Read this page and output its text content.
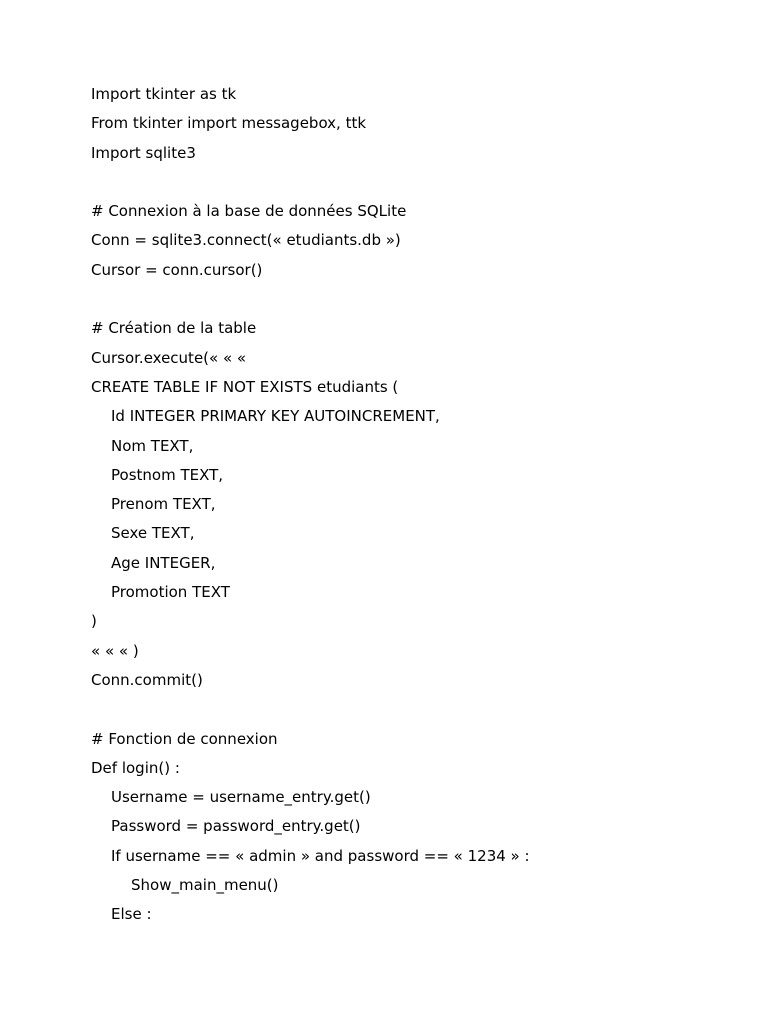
Import tkinter as tk
From tkinter import messagebox, ttk
Import sqlite3
# Connexion à la base de données SQLite
Conn = sqlite3.connect(« etudiants.db »)
Cursor = conn.cursor()
# Création de la table
Cursor.execute(« « «
CREATE TABLE IF NOT EXISTS etudiants (
Id INTEGER PRIMARY KEY AUTOINCREMENT,
Nom TEXT,
Postnom TEXT,
Prenom TEXT,
Sexe TEXT,
Age INTEGER,
Promotion TEXT
)
« « « )
Conn.commit()
# Fonction de connexion
Def login() :
Username = username_entry.get()
Password = password_entry.get()
If username == « admin » and password == « 1234 » :
Show_main_menu()
Else :
